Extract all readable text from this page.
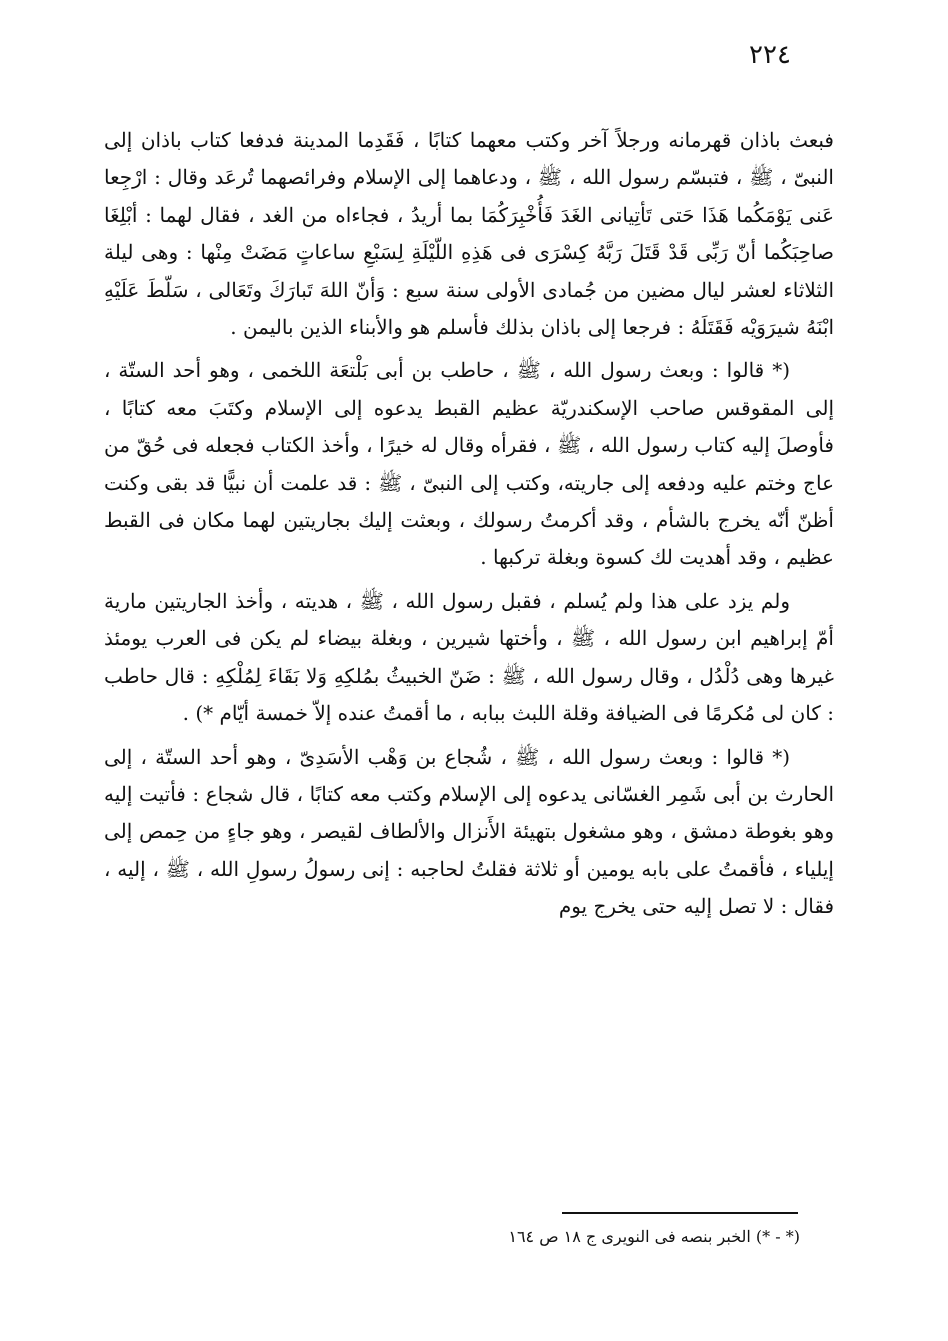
٢٢٤

فبعث باذان قهرمانه ورجلاً آخر وكتب معهما كتابًا ، فَقَدِما المدينة فدفعا كتاب باذان إلى النبىّ ، ﷺ ، فتبسّم رسول الله ، ﷺ ، ودعاهما إلى الإسلام وفرائصهما تُرعَد وقال : ارْجِعا عَنى يَوْمَكُما هَذَا حَتى تَأتِيانى الغَدَ فَأُخْبِرَكُمَا بما أريدُ ، فجاءاه من الغد ، فقال لهما : أبْلِغَا صاحِبَكُما أنّ رَبِّى قَدْ قَتَلَ رَبَّهُ كِسْرَى فى هَذِهِ اللّيْلَةِ لِسَبْعِ ساعاتٍ مَضَتْ مِنْها : وهى ليلة الثلاثاء لعشر ليال مضين من جُمادى الأولى سنة سبع : وَأنّ اللهَ تَبارَكَ وتَعَالى ، سَلّطَ عَلَيْهِ ابْنَهُ شيرَوَيْه فَقَتَلَهُ : فرجعا إلى باذان بذلك فأسلم هو والأبناء الذين باليمن .

(* قالوا : وبعث رسول الله ، ﷺ ، حاطب بن أبى بَلْتعَة اللخمى ، وهو أحد الستّة ، إلى المقوقس صاحب الإسكندريّة عظيم القبط يدعوه إلى الإسلام وكتَبَ معه كتابًا ، فأوصلَ إليه كتاب رسول الله ، ﷺ ، فقرأه وقال له خيرًا ، وأخذ الكتاب فجعله فى حُقّ من عاج وختم عليه ودفعه إلى جاريته، وكتب إلى النبىّ ، ﷺ : قد علمت أن نبيًّا قد بقى وكنت أظنّ أنّه يخرج بالشأم ، وقد أكرمتُ رسولك ، وبعثت إليك بجاريتين لهما مكان فى القبط عظيم ، وقد أهديت لك كسوة وبغلة تركبها .

ولم يزد على هذا ولم يُسلم ، فقبل رسول الله ، ﷺ ، هديته ، وأخذ الجاريتين مارية أمّ إبراهيم ابن رسول الله ، ﷺ ، وأختها شيرين ، وبغلة بيضاء لم يكن فى العرب يومئذ غيرها وهى دُلْدُل ، وقال رسول الله ، ﷺ : ضَنّ الخبيثُ بمُلكِهِ وَلا بَقَاءَ لِمُلْكِهِ : قال حاطب : كان لى مُكرمًا فى الضيافة وقلة اللبث ببابه ، ما أقمتُ عنده إلاّ خمسة أيّام *) .

(* قالوا : وبعث رسول الله ، ﷺ ، شُجاع بن وَهْب الأسَدِىّ ، وهو أحد الستّة ، إلى الحارث بن أبى شَمِر الغسّانى يدعوه إلى الإسلام وكتب معه كتابًا ، قال شجاع : فأتيت إليه وهو بغوطة دمشق ، وهو مشغول بتهيئة الأَنزال والألطاف لقيصر ، وهو جاءٍ من حِمص إلى إيلياء ، فأقمتُ على بابه يومين أو ثلاثة فقلتُ لحاجبه : إنى رسولُ رسولِ الله ، ﷺ ، إليه ، فقال : لا تصل إليه حتى يخرج يوم

(* - *) الخبر بنصه فى النويرى ج ١٨ ص ١٦٤
